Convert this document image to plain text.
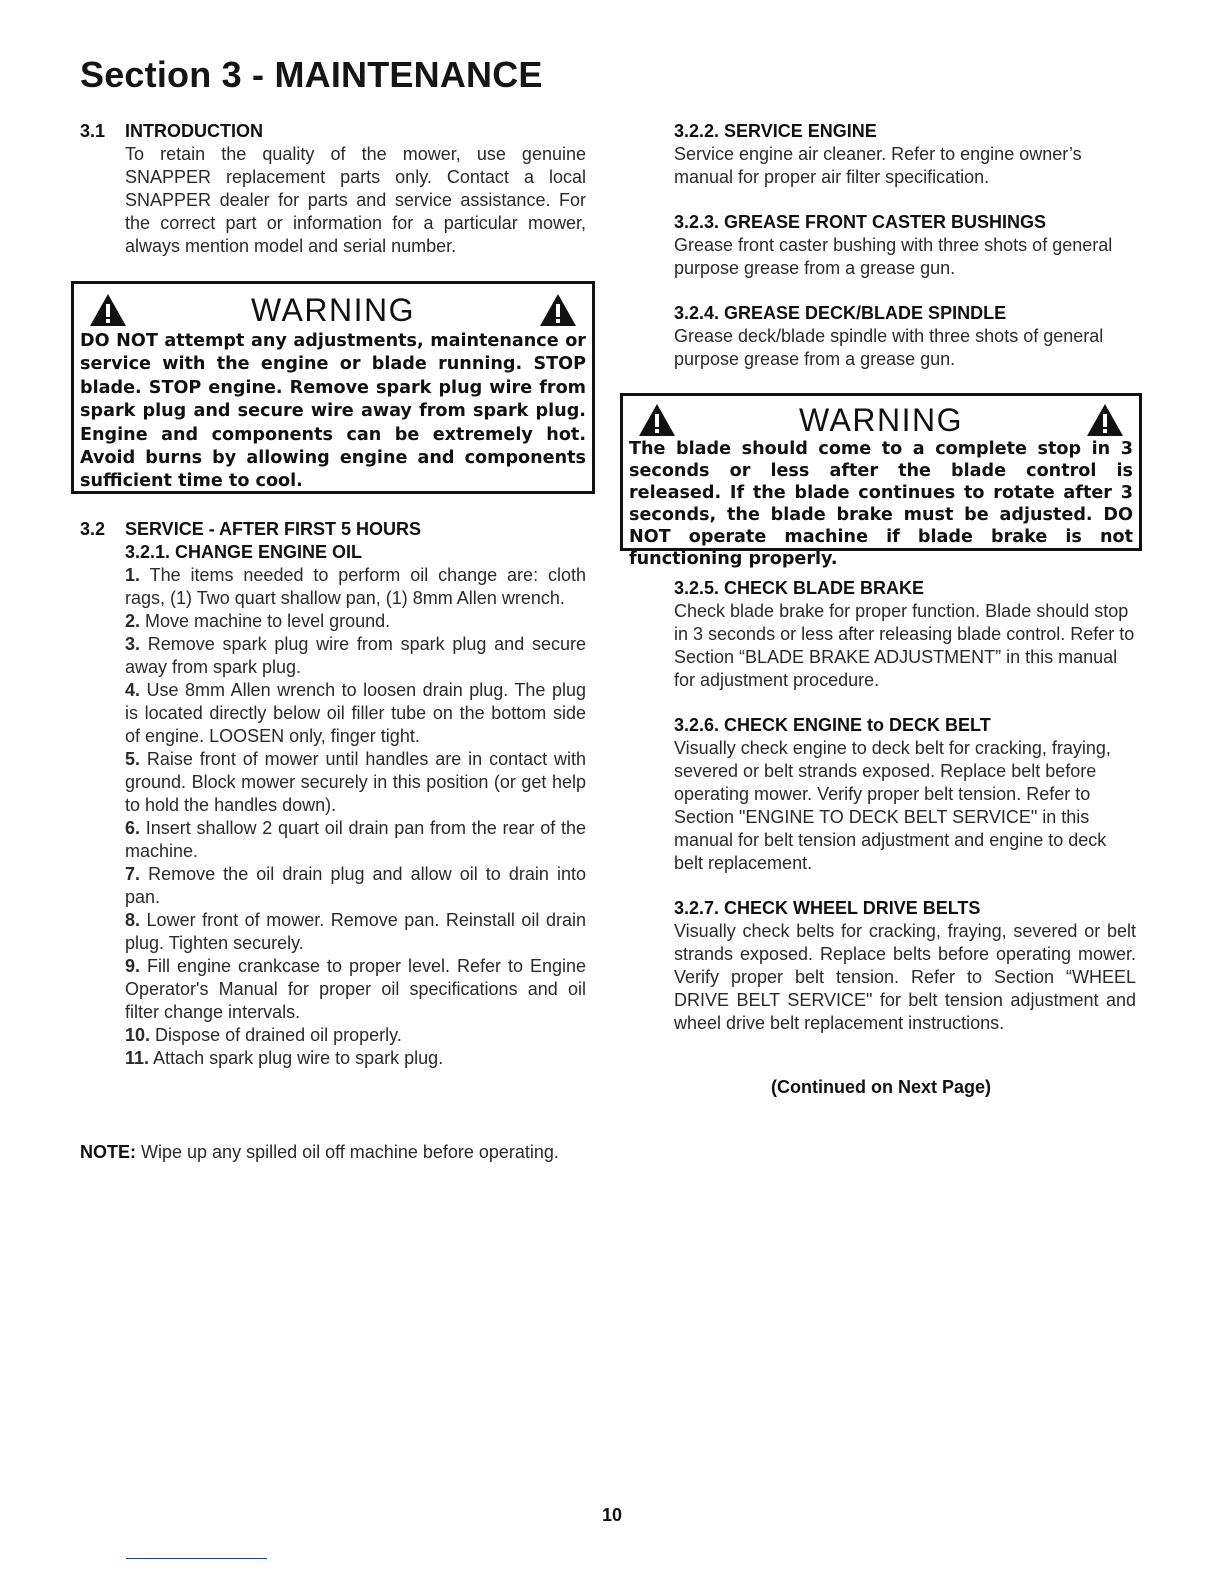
Section 3 - MAINTENANCE
3.1 INTRODUCTION
To retain the quality of the mower, use genuine SNAPPER replacement parts only. Contact a local SNAPPER dealer for parts and service assistance. For the correct part or information for a particular mower, always mention model and serial number.
WARNING
DO NOT attempt any adjustments, maintenance or service with the engine or blade running. STOP blade. STOP engine. Remove spark plug wire from spark plug and secure wire away from spark plug. Engine and components can be extremely hot. Avoid burns by allowing engine and components sufficient time to cool.
3.2 SERVICE - AFTER FIRST 5 HOURS
3.2.1. CHANGE ENGINE OIL
1. The items needed to perform oil change are: cloth rags, (1) Two quart shallow pan, (1) 8mm Allen wrench.
2. Move machine to level ground.
3. Remove spark plug wire from spark plug and secure away from spark plug.
4. Use 8mm Allen wrench to loosen drain plug. The plug is located directly below oil filler tube on the bottom side of engine. LOOSEN only, finger tight.
5. Raise front of mower until handles are in contact with ground. Block mower securely in this position (or get help to hold the handles down).
6. Insert shallow 2 quart oil drain pan from the rear of the machine.
7. Remove the oil drain plug and allow oil to drain into pan.
8. Lower front of mower. Remove pan. Reinstall oil drain plug. Tighten securely.
9. Fill engine crankcase to proper level. Refer to Engine Operator's Manual for proper oil specifications and oil filter change intervals.
10. Dispose of drained oil properly.
11. Attach spark plug wire to spark plug.
NOTE: Wipe up any spilled oil off machine before operating.
3.2.2. SERVICE ENGINE
Service engine air cleaner. Refer to engine owner’s manual for proper air filter specification.
3.2.3. GREASE FRONT CASTER BUSHINGS
Grease front caster bushing with three shots of general purpose grease from a grease gun.
3.2.4. GREASE DECK/BLADE SPINDLE
Grease deck/blade spindle with three shots of general purpose grease from a grease gun.
WARNING
The blade should come to a complete stop in 3 seconds or less after the blade control is released. If the blade continues to rotate after 3 seconds, the blade brake must be adjusted. DO NOT operate machine if blade brake is not functioning properly.
3.2.5. CHECK BLADE BRAKE
Check blade brake for proper function. Blade should stop in 3 seconds or less after releasing blade control. Refer to Section “BLADE BRAKE ADJUSTMENT” in this manual for adjustment procedure.
3.2.6. CHECK ENGINE to DECK BELT
Visually check engine to deck belt for cracking, fraying, severed or belt strands exposed. Replace belt before operating mower. Verify proper belt tension. Refer to Section "ENGINE TO DECK BELT SERVICE" in this manual for belt tension adjustment and engine to deck belt replacement.
3.2.7. CHECK WHEEL DRIVE BELTS
Visually check belts for cracking, fraying, severed or belt strands exposed. Replace belts before operating mower. Verify proper belt tension. Refer to Section “WHEEL DRIVE BELT SERVICE" for belt tension adjustment and wheel drive belt replacement instructions.
(Continued on Next Page)
10
